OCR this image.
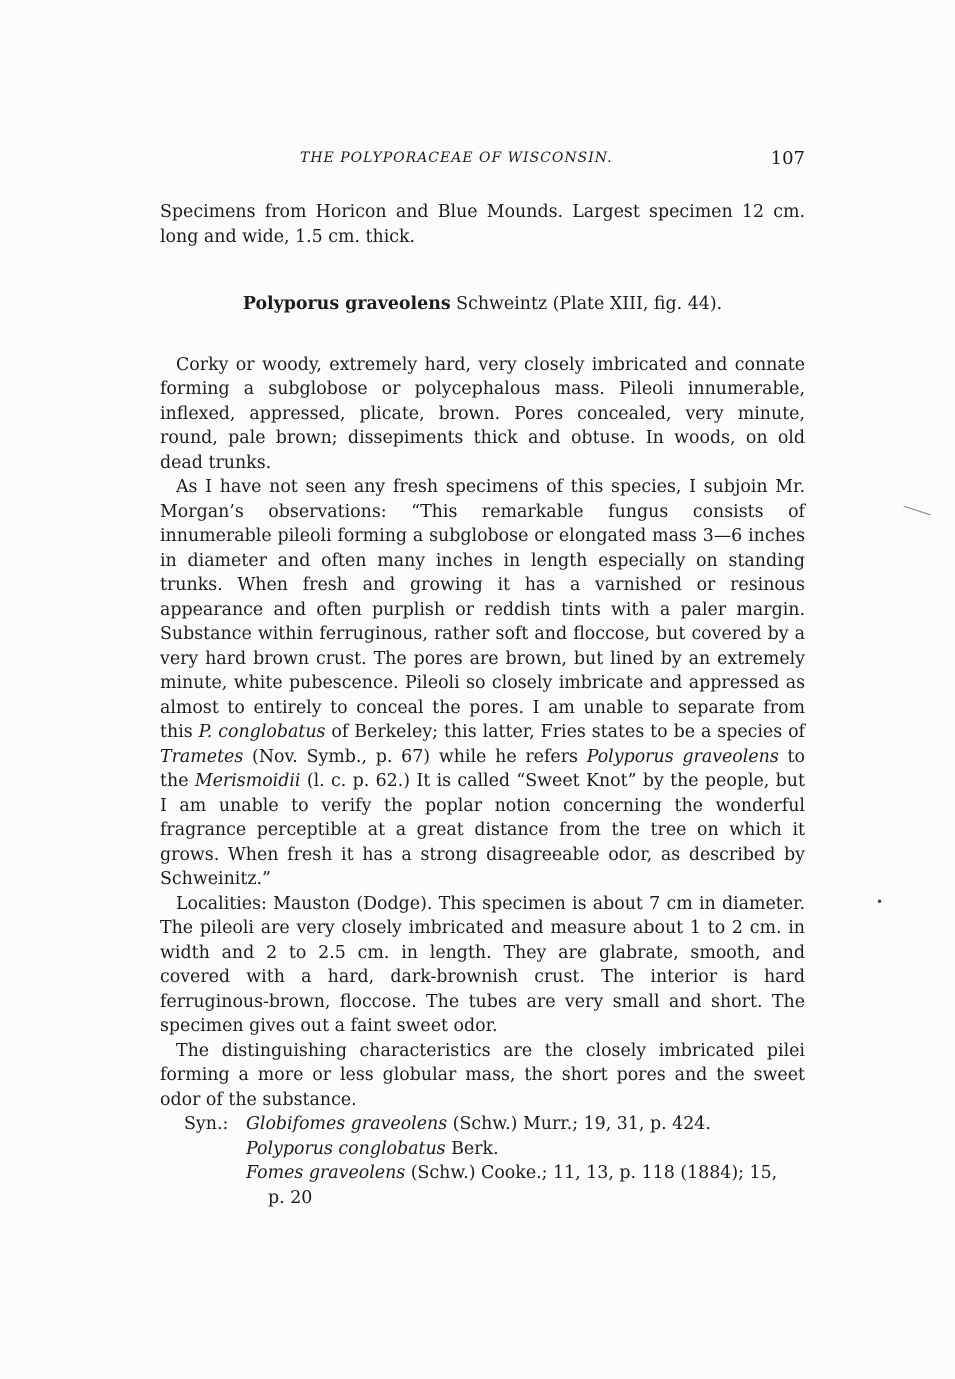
THE POLYPORACEAE OF WISCONSIN.	107

Specimens from Horicon and Blue Mounds. Largest specimen 12 cm. long and wide, 1.5 cm. thick.

Polyporus graveolens Schweintz (Plate XIII, fig. 44).

Corky or woody, extremely hard, very closely imbricated and connate forming a subglobose or polycephalous mass. Pileoli innumerable, inflexed, appressed, plicate, brown. Pores concealed, very minute, round, pale brown; dissepiments thick and obtuse. In woods, on old dead trunks.

As I have not seen any fresh specimens of this species, I subjoin Mr. Morgan’s observations: “This remarkable fungus consists of innumerable pileoli forming a subglobose or elongated mass 3—6 inches in diameter and often many inches in length especially on standing trunks. When fresh and growing it has a varnished or resinous appearance and often purplish or reddish tints with a paler margin. Substance within ferruginous, rather soft and floccose, but covered by a very hard brown crust. The pores are brown, but lined by an extremely minute, white pubescence. Pileoli so closely imbricate and appressed as almost to entirely to conceal the pores. I am unable to separate from this P. conglobatus of Berkeley; this latter, Fries states to be a species of Trametes (Nov. Symb., p. 67) while he refers Polyporus graveolens to the Merismoidii (l. c. p. 62.) It is called “Sweet Knot” by the people, but I am unable to verify the poplar notion concerning the wonderful fragrance perceptible at a great distance from the tree on which it grows. When fresh it has a strong disagreeable odor, as described by Schweinitz.”

Localities: Mauston (Dodge). This specimen is about 7 cm in diameter. The pileoli are very closely imbricated and measure about 1 to 2 cm. in width and 2 to 2.5 cm. in length. They are glabrate, smooth, and covered with a hard, dark-brownish crust. The interior is hard ferruginous-brown, floccose. The tubes are very small and short. The specimen gives out a faint sweet odor.

The distinguishing characteristics are the closely imbricated pilei forming a more or less globular mass, the short pores and the sweet odor of the substance.

Syn.:	Globifomes graveolens (Schw.) Murr.; 19, 31, p. 424.
Polyporus conglobatus Berk.
Fomes graveolens (Schw.) Cooke.; 11, 13, p. 118 (1884); 15,
p. 20
•
